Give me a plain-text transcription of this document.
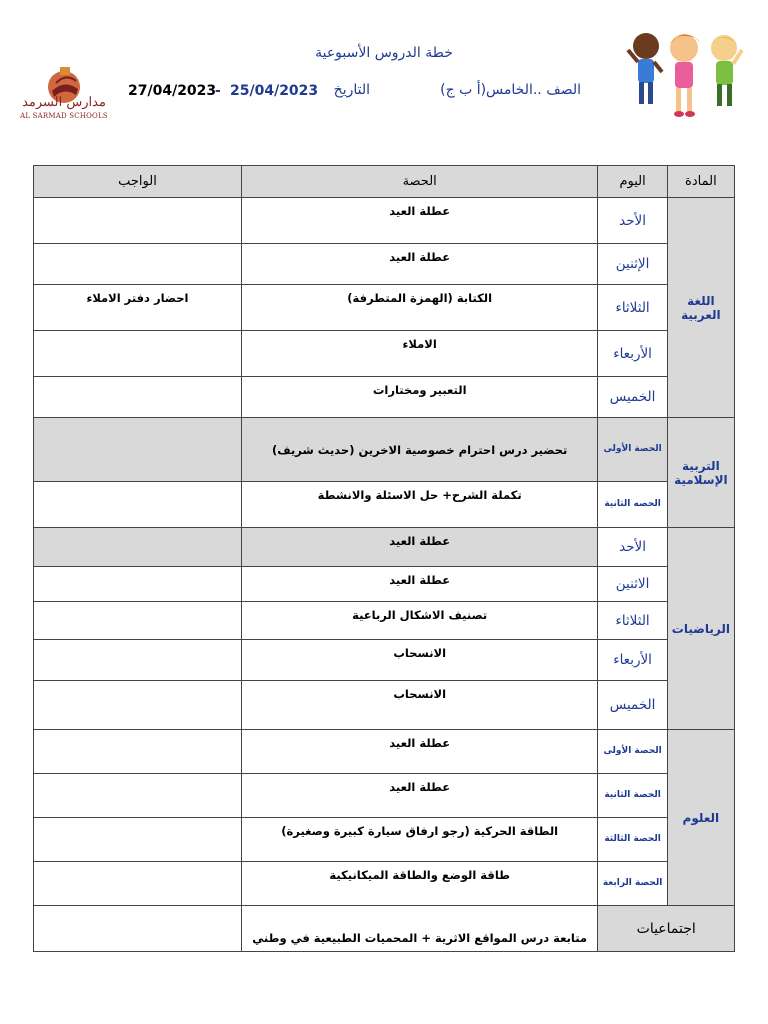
خطة الدروس الأسبوعية
الصف ..الخامس(أ ب ج)
التاريخ
25/04/2023
-
27/04/2023
مدارس السرمد
AL SARMAD SCHOOLS
المادة	اليوم	الحصة	الواجب
اللغة العربية	الأحد	عطلة العيد	
	الإثنين	عطلة العيد	
	الثلاثاء	الكتابة (الهمزة المتطرفة)	احضار دفتر الاملاء
	الأربعاء	الاملاء	
	الخميس	التعبير ومختارات	
التربية الإسلامية	الحصة الأولى	تحضير درس احترام خصوصية الاخرين (حديث شريف)	
	الحصه الثانية	تكملة الشرح+ حل الاسئلة والانشطة	
الرياضيات	الأحد	عطلة العيد	
	الاثنين	عطلة العيد	
	الثلاثاء	تصنيف الاشكال الرباعية	
	الأربعاء	الانسحاب	
	الخميس	الانسحاب	
العلوم	الحصة الأولى	عطلة العيد	
	الحصة الثانية	عطلة العيد	
	الحصة الثالثة	الطاقة الحركية (رجو ارفاق سيارة كبيرة وصغيرة)	
	الحصة الرابعة	طاقة الوضع والطاقة الميكانيكية	
اجتماعيات		متابعة درس المواقع الاثرية + المحميات الطبيعية في وطني	
